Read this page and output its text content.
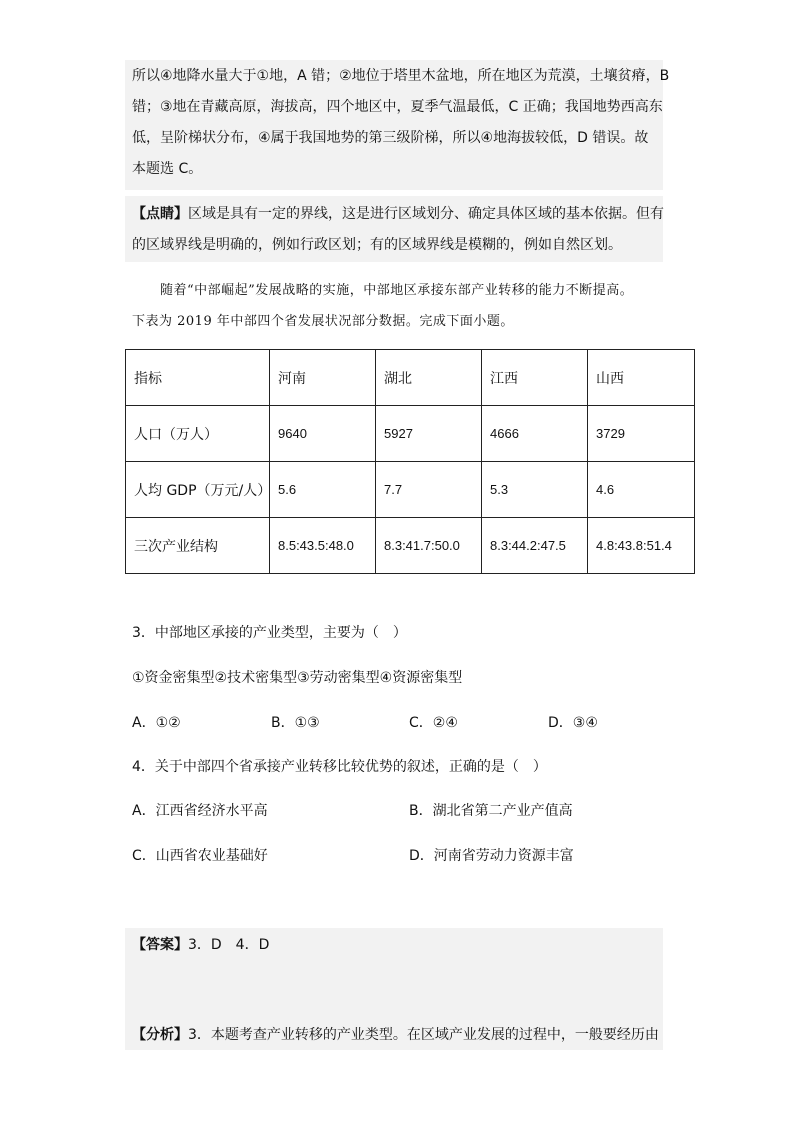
所以④地降水量大于①地，A 错；②地位于塔里木盆地，所在地区为荒漠，土壤贫瘠，B
错；③地在青藏高原，海拔高，四个地区中，夏季气温最低，C 正确；我国地势西高东
低，呈阶梯状分布，④属于我国地势的第三级阶梯，所以④地海拔较低，D 错误。故
本题选 C。
【点睛】区域是具有一定的界线，这是进行区域划分、确定具体区域的基本依据。但有
的区域界线是明确的，例如行政区划；有的区域界线是模糊的，例如自然区划。
随着“中部崛起”发展战略的实施，中部地区承接东部产业转移的能力不断提高。
下表为 2019 年中部四个省发展状况部分数据。完成下面小题。
指标	河南	湖北	江西	山西
人口（万人）	9640	5927	4666	3729
人均 GDP（万元/人）	5.6	7.7	5.3	4.6
三次产业结构	8.5:43.5:48.0	8.3:41.7:50.0	8.3:44.2:47.5	4.8:43.8:51.4
3．中部地区承接的产业类型，主要为（　）
①资金密集型②技术密集型③劳动密集型④资源密集型
A．①②	B．①③	C．②④	D．③④
4．关于中部四个省承接产业转移比较优势的叙述，正确的是（　）
A．江西省经济水平高	B．湖北省第二产业产值高
C．山西省农业基础好	D．河南省劳动力资源丰富
【答案】3．D　4．D
【分析】3．本题考查产业转移的产业类型。在区域产业发展的过程中，一般要经历由
